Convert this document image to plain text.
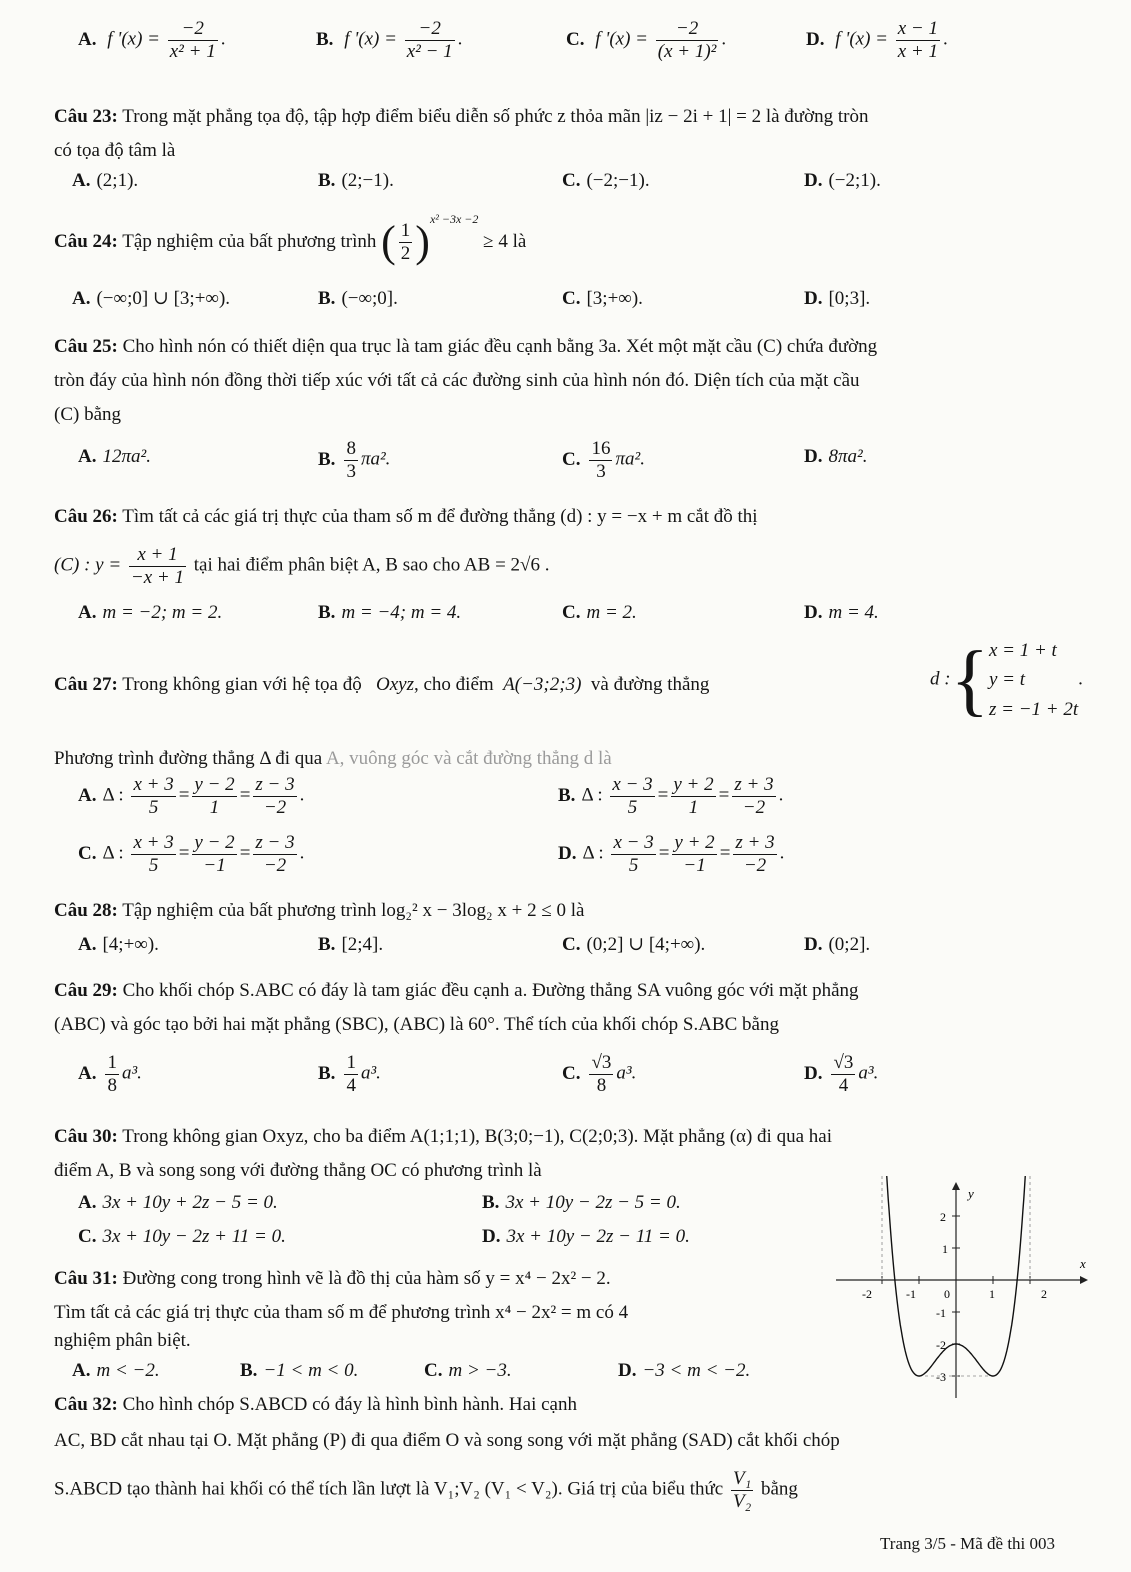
A. f '$(x) = \frac{-2}{\text{x² + 1}}$ .	B. f '$(x) = \frac{-2}{\text{x² − 1}}$ .	C. f '$(x) = \frac{-2}{\text{(x + 1)²}}$ .	D. f '$(x) = \frac{x - 1}{x + 1}$ .
Câu 23: Trong mặt phẳng tọa độ, tập hợp điểm biểu diễn số phức z thỏa mãn |iz − 2i + 1| = 2 là đường tròn
có tọa độ tâm là
A. (2;1).	B. (2;−1).	C. (−2;−1).	D. (−2;1).
Câu 24: Tập nghiệm của bất phương trình ( $\frac{1}{2} )^{x^2 -3x -2} \ge 4$ là
A. (−∞;0] ∪ [3;+∞).	B. (−∞;0].	C. [3;+∞).	D. [0;3].
Câu 25: Cho hình nón có thiết diện qua trục là tam giác đều cạnh bằng 3a. Xét một mặt cầu (C) chứa đường
tròn đáy của hình nón đồng thời tiếp xúc với tất cả các đường sinh của hình nón đó. Diện tích của mặt cầu
(C) bằng
A. 12πa².	B. $\frac{8}{3} \pi a^2$.	C. $\frac{16}{3} \pi a^2$.	D. 8πa².
Câu 26: Tìm tất cả các giá trị thực của tham số m để đường thẳng (d) : y = −x + m cắt đồ thị
(C) : $y = \frac{x + 1}{-x + 1}$ tại hai điểm phân biệt A, B sao cho AB = 2√6 .
A. m = −2; m = 2.	B. m = −4; m = 4.	C. m = 2.	D. m = 4.
Câu 27: Trong không gian với hệ tọa độ Oxyz, cho điểm A(−3;2;3) và đường thẳng	d :{ x = 1 + t
y = t
z = −1 + 2t
.
Phương trình đường thẳng Δ đi qua A, vuông góc và cắt đường thẳng d là
A. Δ : $\frac{x + 3}{5} = \frac{y - 2}{1} = \frac{z - 3}{-2}$ .	B. Δ : $\frac{x - 3}{5} = \frac{y + 2}{1} = \frac{z + 3}{-2}$ .
C. Δ : $\frac{x + 3}{5} = \frac{y - 2}{-1} = \frac{z - 3}{-2}$ .	D. Δ : $\frac{x - 3}{5} = \frac{y + 2}{-1} = \frac{z + 3}{-2}$ .
Câu 28: Tập nghiệm của bất phương trình log₂² x − 3log₂ x + 2 ≤ 0 là
A. [4;+∞).	B. [2;4].	C. (0;2] ∪ [4;+∞).	D. (0;2].
Câu 29: Cho khối chóp S.ABC có đáy là tam giác đều cạnh a. Đường thẳng SA vuông góc với mặt phẳng
(ABC) và góc tạo bởi hai mặt phẳng (SBC), (ABC) là 60°. Thể tích của khối chóp S.ABC bằng
A. $\frac{1}{8} a^3$.	B. $\frac{1}{4} a^3$.	C. $\frac{√3}{8} a^3$.	D. $\frac{√3}{4} a^3$.
Câu 30: Trong không gian Oxyz, cho ba điểm A(1;1;1), B(3;0;−1), C(2;0;3). Mặt phẳng (α) đi qua hai
điểm A, B và song song với đường thẳng OC có phương trình là
A. 3x + 10y + 2z − 5 = 0.	B. 3x + 10y − 2z − 5 = 0.
C. 3x + 10y − 2z + 11 = 0.	D. 3x + 10y − 2z − 11 = 0.
Câu 31: Đường cong trong hình vẽ là đồ thị của hàm số y = x⁴ − 2x² − 2.
Tìm tất cả các giá trị thực của tham số m để phương trình x⁴ − 2x² = m có 4
nghiệm phân biệt.
A. m < −2.	B. −1 < m < 0.	C. m > −3.	D. −3 < m < −2.
Câu 32: Cho hình chóp S.ABCD có đáy là hình bình hành. Hai cạnh
AC, BD cắt nhau tại O. Mặt phẳng (P) đi qua điểm O và song song với mặt phẳng (SAD) cắt khối chóp
S.ABCD tạo thành hai khối có thể tích lần lượt là V₁;V₂ (V₁ < V₂). Giá trị của biểu thức $\frac{\text{V₁}}{\text{V₂}}$ bằng
x
y
-2	-1 0	1	2
2
1
-1
-2
-3
Trang 3/5 - Mã đề thi 003
